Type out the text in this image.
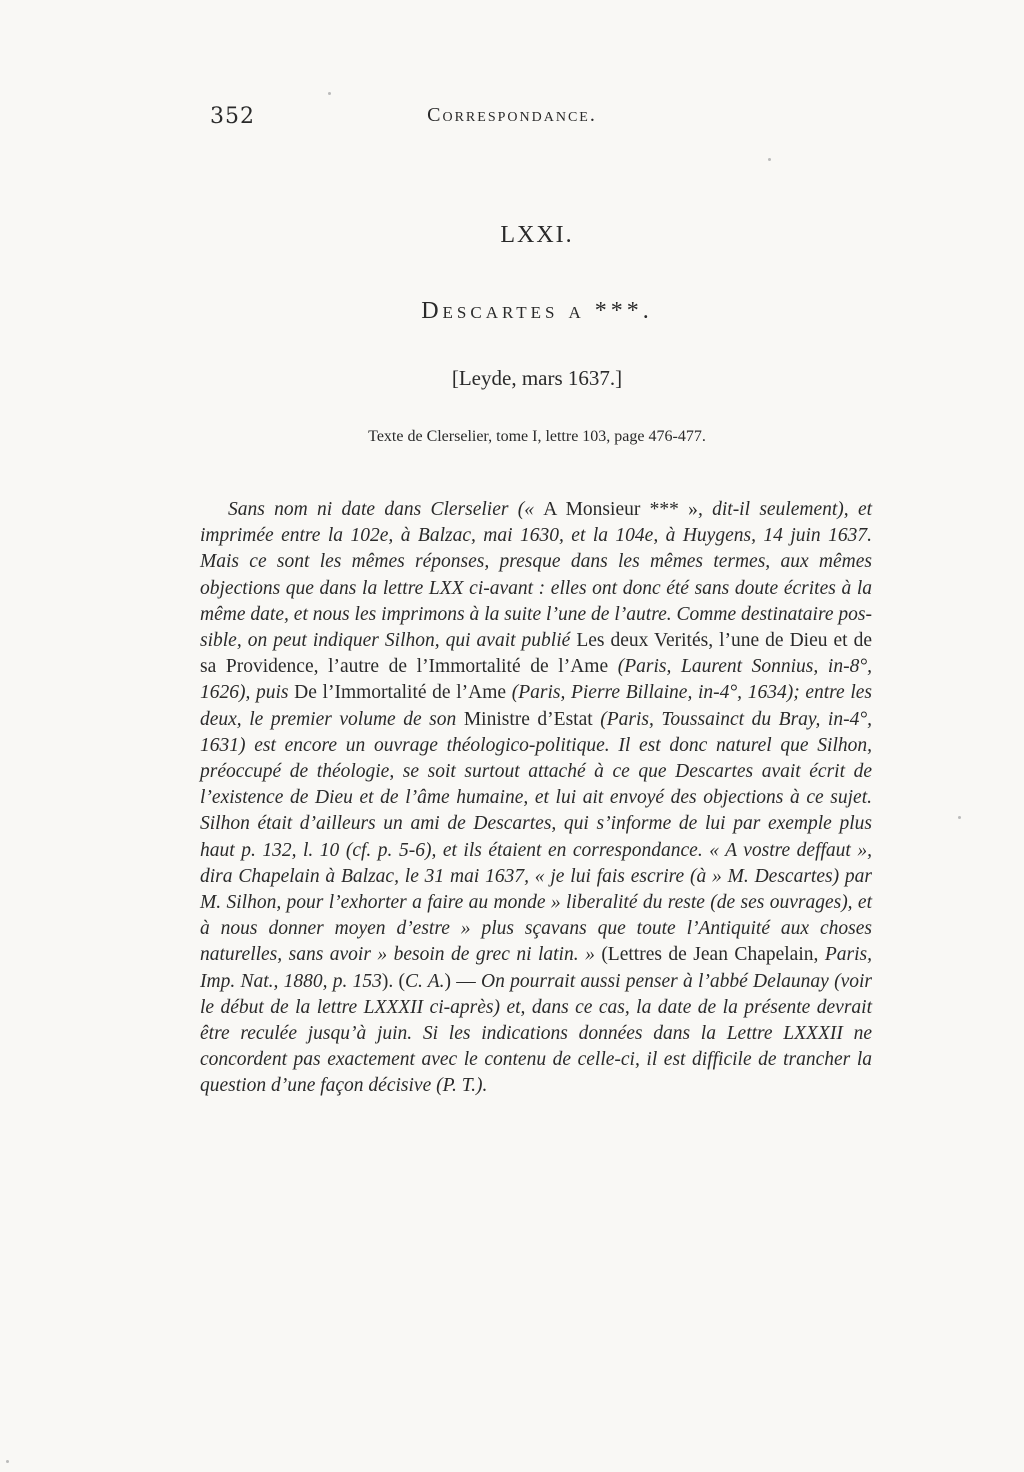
352	Correspondance.
LXXI.
Descartes a ***.
[Leyde, mars 1637.]
Texte de Clerselier, tome I, lettre 103, page 476-477.
Sans nom ni date dans Clerselier (« A Monsieur *** », dit-il seulement), et imprimée entre la 102e, à Balzac, mai 1630, et la 104e, à Huygens, 14 juin 1637. Mais ce sont les mêmes réponses, presque dans les mêmes termes, aux mêmes objections que dans la lettre LXX ci-avant : elles ont donc été sans doute écrites à la même date, et nous les imprimons à la suite l’une de l’autre. Comme destinataire possible, on peut indiquer Silhon, qui avait publié Les deux Verités, l’une de Dieu et de sa Providence, l’autre de l’Immortalité de l’Ame (Paris, Laurent Sonnius, in-8°, 1626), puis De l’Immortalité de l’Ame (Paris, Pierre Billaine, in-4°, 1634); entre les deux, le premier volume de son Ministre d’Estat (Paris, Toussainct du Bray, in-4°, 1631) est encore un ouvrage théologico-politique. Il est donc naturel que Silhon, préoccupé de théologie, se soit surtout attaché à ce que Descartes avait écrit de l’existence de Dieu et de l’âme humaine, et lui ait envoyé des objections à ce sujet. Silhon était d’ailleurs un ami de Descartes, qui s’informe de lui par exemple plus haut p. 132, l. 10 (cf. p. 5-6), et ils étaient en correspondance. « A vostre deffaut », dira Chapelain à Balzac, le 31 mai 1637, « je lui fais escrire (à » M. Descartes) par M. Silhon, pour l’exhorter a faire au monde » liberalité du reste (de ses ouvrages), et à nous donner moyen d’estre » plus sçavans que toute l’Antiquité aux choses naturelles, sans avoir » besoin de grec ni latin. » (Lettres de Jean Chapelain, Paris, Imp. Nat., 1880, p. 153). (C. A.) — On pourrait aussi penser à l’abbé Delaunay (voir le début de la lettre LXXXII ci-après) et, dans ce cas, la date de la présente devrait être reculée jusqu’à juin. Si les indications données dans la Lettre LXXXII ne concordent pas exactement avec le contenu de celle-ci, il est difficile de trancher la question d’une façon décisive (P. T.).
